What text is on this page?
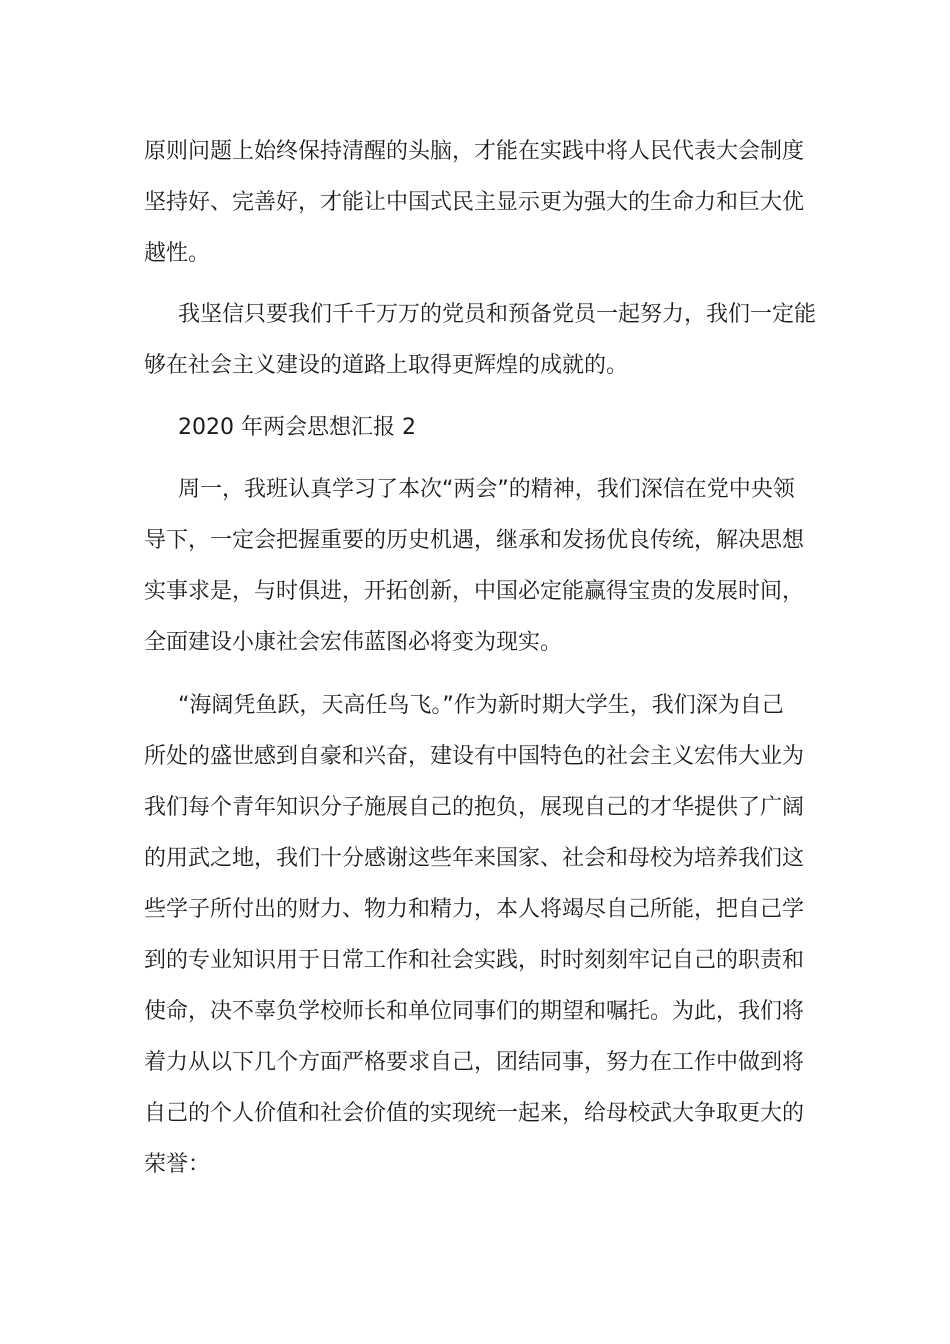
原则问题上始终保持清醒的头脑，才能在实践中将人民代表大会制度
坚持好、完善好，才能让中国式民主显示更为强大的生命力和巨大优
越性。

我坚信只要我们千千万万的党员和预备党员一起努力，我们一定能
够在社会主义建设的道路上取得更辉煌的成就的。

2020 年两会思想汇报 2

周一，我班认真学习了本次“两会”的精神，我们深信在党中央领
导下，一定会把握重要的历史机遇，继承和发扬优良传统，解决思想
实事求是，与时俱进，开拓创新，中国必定能赢得宝贵的发展时间，
全面建设小康社会宏伟蓝图必将变为现实。

“海阔凭鱼跃，天高任鸟飞。”作为新时期大学生，我们深为自己
所处的盛世感到自豪和兴奋，建设有中国特色的社会主义宏伟大业为
我们每个青年知识分子施展自己的抱负，展现自己的才华提供了广阔
的用武之地，我们十分感谢这些年来国家、社会和母校为培养我们这
些学子所付出的财力、物力和精力，本人将竭尽自己所能，把自己学
到的专业知识用于日常工作和社会实践，时时刻刻牢记自己的职责和
使命，决不辜负学校师长和单位同事们的期望和嘱托。为此，我们将
着力从以下几个方面严格要求自己，团结同事，努力在工作中做到将
自己的个人价值和社会价值的实现统一起来，给母校武大争取更大的
荣誉：
